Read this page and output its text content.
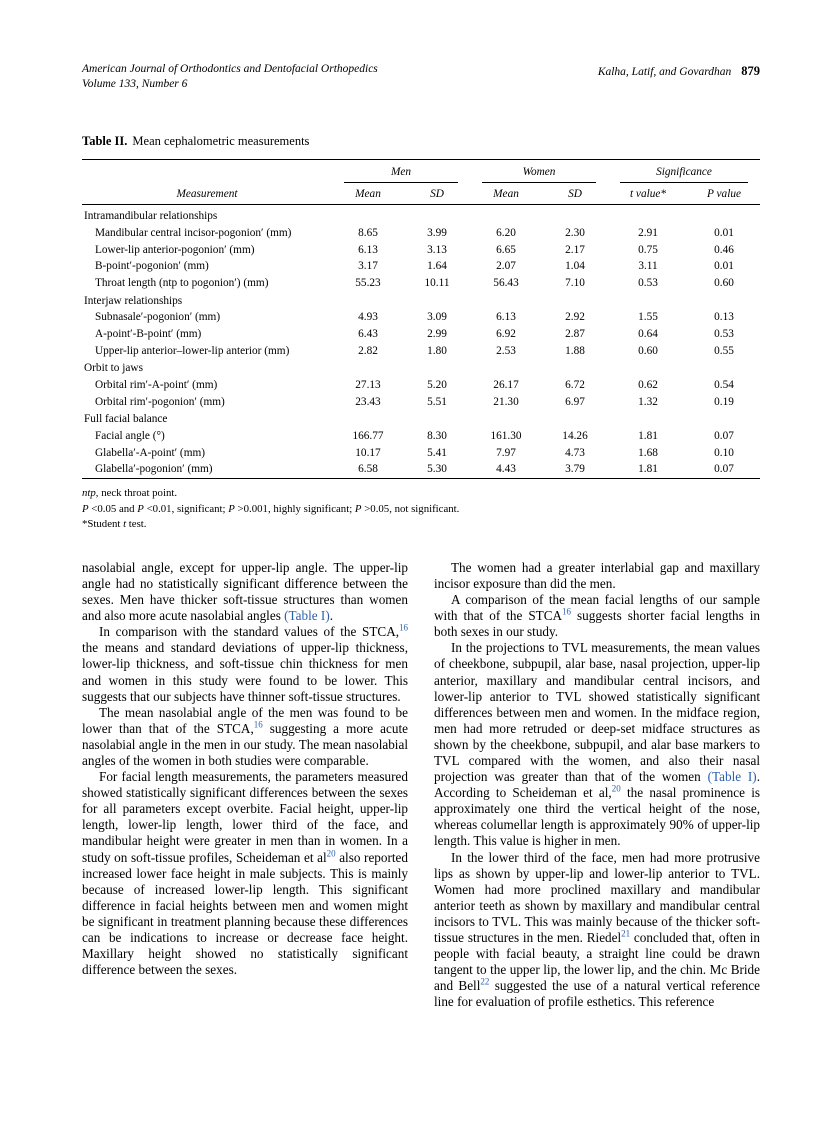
American Journal of Orthodontics and Dentofacial Orthopedics
Volume 133, Number 6
Kalha, Latif, and Govardhan 879
Table II. Mean cephalometric measurements

	Men		Women		Significance	

Measurement	Mean	SD	Mean	SD	t value*	P value
Intramandibular relationships						
Mandibular central incisor-pogonion′ (mm)	8.65	3.99	6.20	2.30	2.91	0.01
Lower-lip anterior-pogonion′ (mm)	6.13	3.13	6.65	2.17	0.75	0.46
B-point′-pogonion′ (mm)	3.17	1.64	2.07	1.04	3.11	0.01
Throat length (ntp to pogonion′) (mm)	55.23	10.11	56.43	7.10	0.53	0.60
Interjaw relationships						
Subnasale′-pogonion′ (mm)	4.93	3.09	6.13	2.92	1.55	0.13
A-point′-B-point′ (mm)	6.43	2.99	6.92	2.87	0.64	0.53
Upper-lip anterior–lower-lip anterior (mm)	2.82	1.80	2.53	1.88	0.60	0.55
Orbit to jaws						
Orbital rim′-A-point′ (mm)	27.13	5.20	26.17	6.72	0.62	0.54
Orbital rim′-pogonion′ (mm)	23.43	5.51	21.30	6.97	1.32	0.19
Full facial balance						
Facial angle (°)	166.77	8.30	161.30	14.26	1.81	0.07
Glabella′-A-point′ (mm)	10.17	5.41	7.97	4.73	1.68	0.10
Glabella′-pogonion′ (mm)	6.58	5.30	4.43	3.79	1.81	0.07
ntp, neck throat point.
P <0.05 and P <0.01, significant; P >0.001, highly significant; P >0.05, not significant.
*Student t test.

nasolabial angle, except for upper-lip angle. The upper-lip angle had no statistically significant difference between the sexes. Men have thicker soft-tissue structures than women and also more acute nasolabial angles (Table I).

In comparison with the standard values of the STCA,$^{16}$ the means and standard deviations of upper-lip thickness, lower-lip thickness, and soft-tissue chin thickness for men and women in this study were found to be lower. This suggests that our subjects have thinner soft-tissue structures.

The mean nasolabial angle of the men was found to be lower than that of the STCA,$^{16}$ suggesting a more acute nasolabial angle in the men in our study. The mean nasolabial angles of the women in both studies were comparable.

For facial length measurements, the parameters measured showed statistically significant differences between the sexes for all parameters except overbite. Facial height, upper-lip length, lower-lip length, lower third of the face, and mandibular height were greater in men than in women. In a study on soft-tissue profiles, Scheideman et al$^{20}$ also reported increased lower face height in male subjects. This is mainly because of increased lower-lip length. This significant difference in facial heights between men and women might be significant in treatment planning because these differences can be indications to increase or decrease face height. Maxillary height showed no statistically significant difference between the sexes.

The women had a greater interlabial gap and maxillary incisor exposure than did the men.

A comparison of the mean facial lengths of our sample with that of the STCA$^{16}$ suggests shorter facial lengths in both sexes in our study.

In the projections to TVL measurements, the mean values of cheekbone, subpupil, alar base, nasal projection, upper-lip anterior, maxillary and mandibular central incisors, and lower-lip anterior to TVL showed statistically significant differences between men and women. In the midface region, men had more retruded or deep-set midface structures as shown by the cheekbone, subpupil, and alar base markers to TVL compared with the women, and also their nasal projection was greater than that of the women (Table I). According to Scheideman et al,$^{20}$ the nasal prominence is approximately one third the vertical height of the nose, whereas columellar length is approximately 90% of upper-lip length. This value is higher in men.

In the lower third of the face, men had more protrusive lips as shown by upper-lip and lower-lip anterior to TVL. Women had more proclined maxillary and mandibular anterior teeth as shown by maxillary and mandibular central incisors to TVL. This was mainly because of the thicker soft-tissue structures in the men. Riedel$^{21}$ concluded that, often in people with facial beauty, a straight line could be drawn tangent to the upper lip, the lower lip, and the chin. Mc Bride and Bell$^{22}$ suggested the use of a natural vertical reference line for evaluation of profile esthetics. This reference
